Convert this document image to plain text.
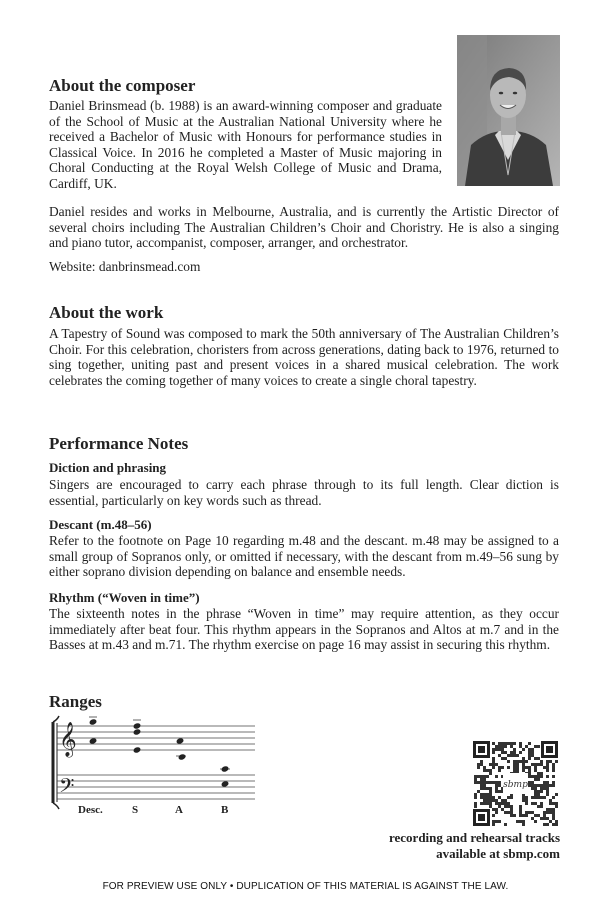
About the composer

Daniel Brinsmead (b. 1988) is an award-winning composer and graduate of the School of Music at the Australian National University where he received a Bachelor of Music with Honours for performance studies in Classical Voice. In 2016 he completed a Master of Music majoring in Choral Conducting at the Royal Welsh College of Music and Drama, Cardiff, UK.

Daniel resides and works in Melbourne, Australia, and is currently the Artistic Director of several choirs including The Australian Children’s Choir and Choristry. He is also a singing and piano tutor, accompanist, composer, arranger, and orchestrator.

Website: danbrinsmead.com

About the work

A Tapestry of Sound was composed to mark the 50th anniversary of The Australian Children’s Choir. For this celebration, choristers from across generations, dating back to 1976, returned to sing together, uniting past and present voices in a shared musical celebration. The work celebrates the coming together of many voices to create a single choral tapestry.

Performance Notes

Diction and phrasing

Singers are encouraged to carry each phrase through to its full length. Clear diction is essential, particularly on key words such as thread.

Descant (m.48–56)

Refer to the footnote on Page 10 regarding m.48 and the descant. m.48 may be assigned to a small group of Sopranos only, or omitted if necessary, with the descant from m.49–56 sung by either soprano division depending on balance and ensemble needs.

Rhythm (“Woven in time”)

The sixteenth notes in the phrase “Woven in time” may require attention, as they occur immediately after beat four. This rhythm appears in the Sopranos and Altos at m.7 and in the Basses at m.43 and m.71. The rhythm exercise on page 16 may assist in securing this rhythm.

Ranges
𝄞
𝄢
Desc.	S	A	B
sbmp

recording and rehearsal tracks

available at sbmp.com

FOR PREVIEW USE ONLY • DUPLICATION OF THIS MATERIAL IS AGAINST THE LAW.
